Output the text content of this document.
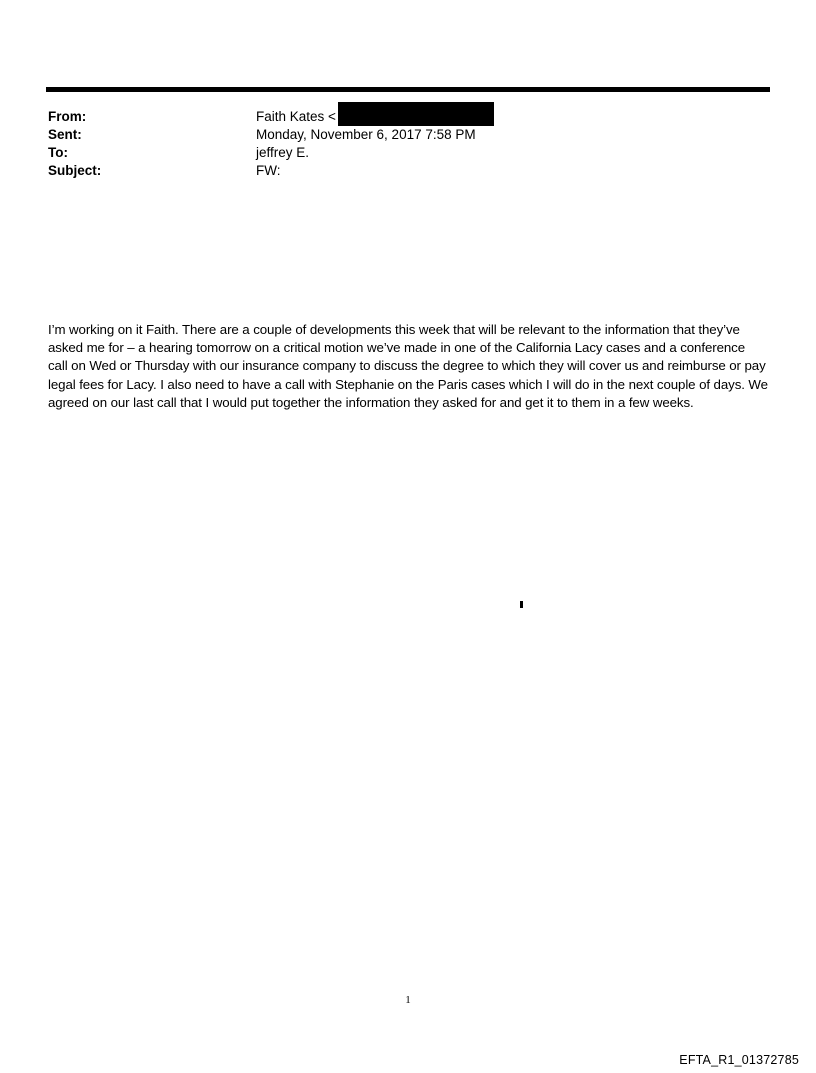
From:	Faith Kates <
Sent:	Monday, November 6, 2017 7:58 PM
To:	jeffrey E.
Subject:	FW:
I’m working on it Faith. There are a couple of developments this week that will be relevant to the information that they’ve asked me for – a hearing tomorrow on a critical motion we’ve made in one of the California Lacy cases and a conference call on Wed or Thursday with our insurance company to discuss the degree to which they will cover us and reimburse or pay legal fees for Lacy. I also need to have a call with Stephanie on the Paris cases which I will do in the next couple of days. We agreed on our last call that I would put together the information they asked for and get it to them in a few weeks.
1
EFTA_R1_01372785
